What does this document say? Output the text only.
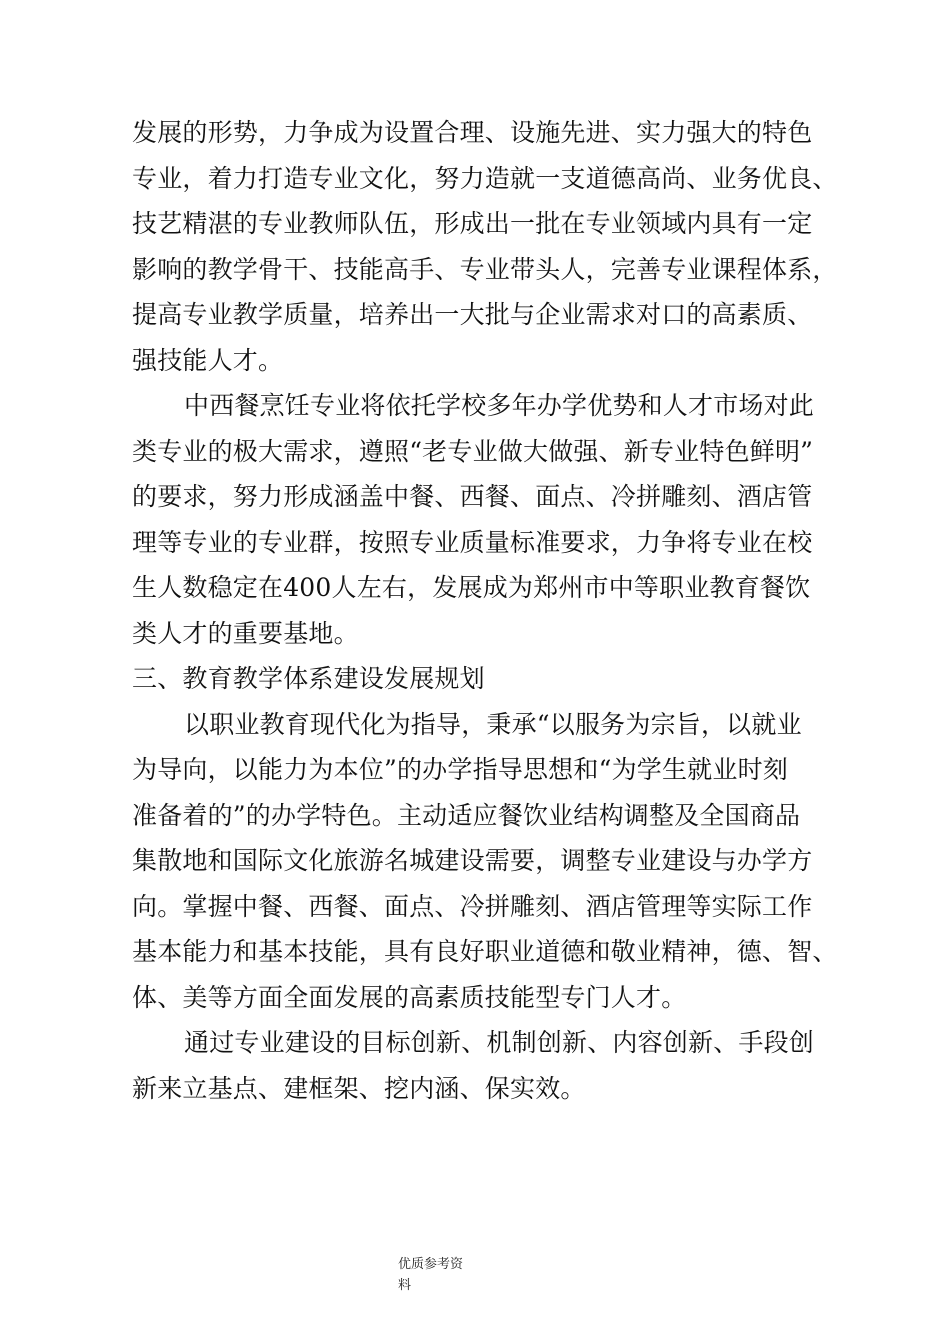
发展的形势，力争成为设置合理、设施先进、实力强大的特色
专业，着力打造专业文化，努力造就一支道德高尚、业务优良、
技艺精湛的专业教师队伍，形成出一批在专业领域内具有一定
影响的教学骨干、技能高手、专业带头人，完善专业课程体系，
提高专业教学质量，培养出一大批与企业需求对口的高素质、
强技能人才。
中西餐烹饪专业将依托学校多年办学优势和人才市场对此
类专业的极大需求，遵照“老专业做大做强、新专业特色鲜明”
的要求，努力形成涵盖中餐、西餐、面点、冷拼雕刻、酒店管
理等专业的专业群，按照专业质量标准要求，力争将专业在校
生人数稳定在400人左右，发展成为郑州市中等职业教育餐饮
类人才的重要基地。
三、教育教学体系建设发展规划
以职业教育现代化为指导，秉承“以服务为宗旨，以就业
为导向，以能力为本位”的办学指导思想和“为学生就业时刻
准备着的”的办学特色。主动适应餐饮业结构调整及全国商品
集散地和国际文化旅游名城建设需要，调整专业建设与办学方
向。掌握中餐、西餐、面点、冷拼雕刻、酒店管理等实际工作
基本能力和基本技能，具有良好职业道德和敬业精神，德、智、
体、美等方面全面发展的高素质技能型专门人才。
通过专业建设的目标创新、机制创新、内容创新、手段创
新来立基点、建框架、挖内涵、保实效。
优质参考资
料
